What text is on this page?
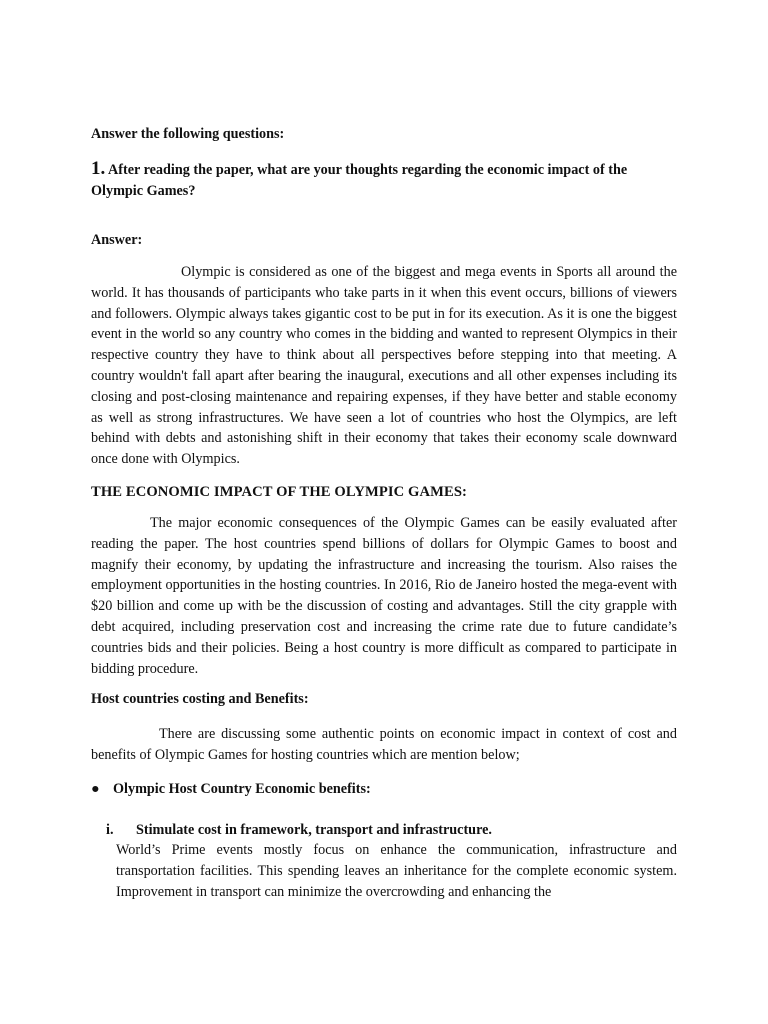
Answer the following questions:
1. After reading the paper, what are your thoughts regarding the economic impact of the Olympic Games?
Answer:
Olympic is considered as one of the biggest and mega events in Sports all around the world. It has thousands of participants who take parts in it when this event occurs, billions of viewers and followers. Olympic always takes gigantic cost to be put in for its execution. As it is one the biggest event in the world so any country who comes in the bidding and wanted to represent Olympics in their respective country they have to think about all perspectives before stepping into that meeting. A country wouldn't fall apart after bearing the inaugural, executions and all other expenses including its closing and post-closing maintenance and repairing expenses, if they have better and stable economy as well as strong infrastructures. We have seen a lot of countries who host the Olympics, are left behind with debts and astonishing shift in their economy that takes their economy scale downward once done with Olympics.
THE ECONOMIC IMPACT OF THE OLYMPIC GAMES:
The major economic consequences of the Olympic Games can be easily evaluated after reading the paper. The host countries spend billions of dollars for Olympic Games to boost and magnify their economy, by updating the infrastructure and increasing the tourism. Also raises the employment opportunities in the hosting countries. In 2016, Rio de Janeiro hosted the mega-event with $20 billion and come up with be the discussion of costing and advantages. Still the city grapple with debt acquired, including preservation cost and increasing the crime rate due to future candidate’s countries bids and their policies. Being a host country is more difficult as compared to participate in bidding procedure.
Host countries costing and Benefits:
There are discussing some authentic points on economic impact in context of cost and benefits of Olympic Games for hosting countries which are mention below;
● Olympic Host Country Economic benefits:
i. Stimulate cost in framework, transport and infrastructure.
World’s Prime events mostly focus on enhance the communication, infrastructure and transportation facilities. This spending leaves an inheritance for the complete economic system. Improvement in transport can minimize the overcrowding and enhancing the
